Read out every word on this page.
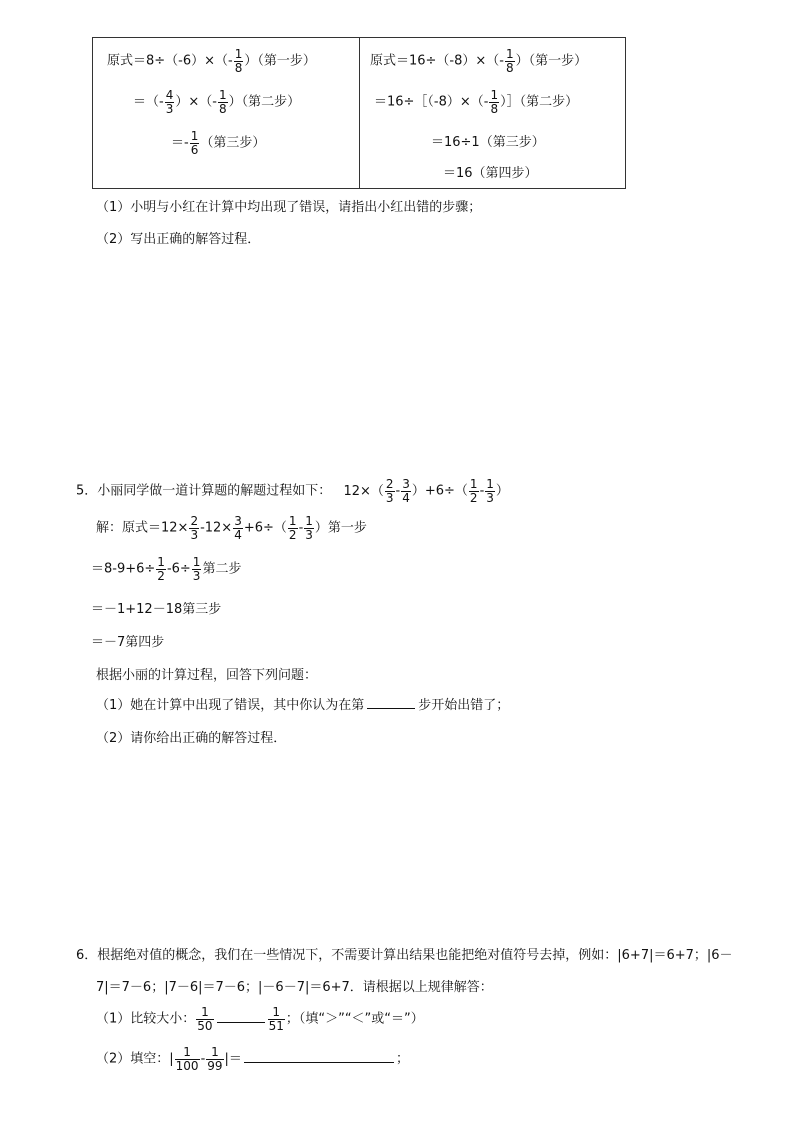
原式$=8\div(-6)\times(- \frac{1}{8}$ ）（第一步）
＝（- $\frac{4}{3}$ ）×（- $\frac{1}{8}$ ）（第二步）
＝- $\frac{1}{6}$ （第三步）
原式$=16\div(-8)\times(- \frac{1}{8}$ ）（第一步）
＝16÷［（-8）×（- $\frac{1}{8}$ ）］（第二步）
＝16÷1（第三步）
＝16（第四步）
（1）小明与小红在计算中均出现了错误，请指出小红出错的步骤；
（2）写出正确的解答过程．
5．小丽同学做一道计算题的解题过程如下： $12\times( \frac{2}{3} - \frac{3}{4} )+6\div( \frac{1}{2} - \frac{1}{3}$ ）
解：原式$=12\times \frac{2}{3} -12\times \frac{3}{4} +6\div( \frac{1}{2} - \frac{1}{3}$ ）第一步
$=8-9+6\div \frac{1}{2} -6\div \frac{1}{3}$ 第二步
＝－1+12－18第三步
＝－7第四步
根据小丽的计算过程，回答下列问题：
（1）她在计算中出现了错误，其中你认为在第	步开始出错了；
（2）请你给出正确的解答过程．
6．根据绝对值的概念，我们在一些情况下，不需要计算出结果也能把绝对值符号去掉，例如：|6+7|＝6+7；|6－
7|＝7－6；|7－6|＝7－6；|－6－7|＝6+7．请根据以上规律解答：
（1）比较大小： $\frac{1}{50}$	$\frac{1}{51}$ ；（填“＞”“＜”或“＝”）
（2）填空：| $\frac{1}{100} - \frac{1}{99}$ |＝	；
